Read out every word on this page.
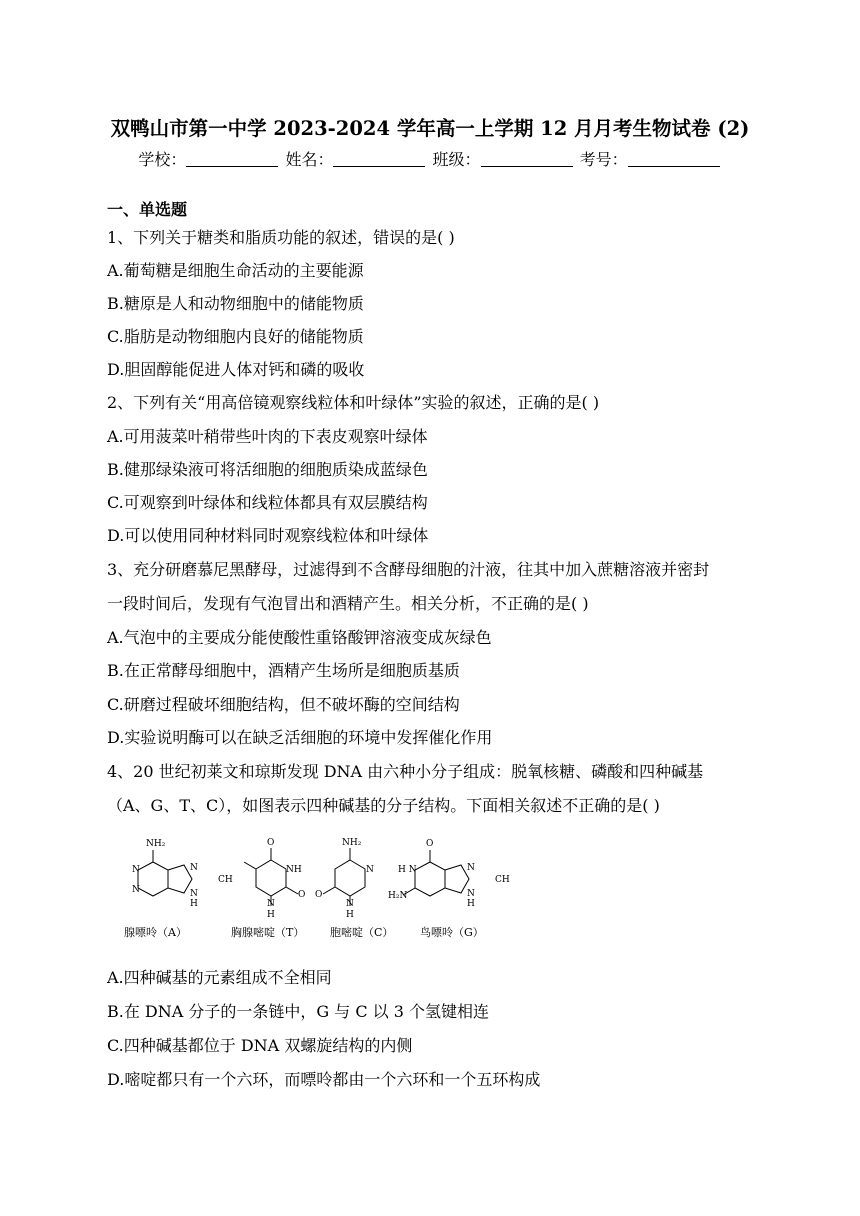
双鸭山市第一中学 2023-2024 学年高一上学期 12 月月考生物试卷 (2)
学校：	姓名：	班级：	考号：
一、单选题
1、下列关于糖类和脂质功能的叙述，错误的是( )
A.葡萄糖是细胞生命活动的主要能源
B.糖原是人和动物细胞中的储能物质
C.脂肪是动物细胞内良好的储能物质
D.胆固醇能促进人体对钙和磷的吸收
2、下列有关“用高倍镜观察线粒体和叶绿体”实验的叙述，正确的是( )
A.可用菠菜叶稍带些叶肉的下表皮观察叶绿体
B.健那绿染液可将活细胞的细胞质染成蓝绿色
C.可观察到叶绿体和线粒体都具有双层膜结构
D.可以使用同种材料同时观察线粒体和叶绿体
3、充分研磨慕尼黑酵母，过滤得到不含酵母细胞的汁液，往其中加入蔗糖溶液并密封
一段时间后，发现有气泡冒出和酒精产生。相关分析，不正确的是( )
A.气泡中的主要成分能使酸性重铬酸钾溶液变成灰绿色
B.在正常酵母细胞中，酒精产生场所是细胞质基质
C.研磨过程破坏细胞结构，但不破坏酶的空间结构
D.实验说明酶可以在缺乏活细胞的环境中发挥催化作用
4、20 世纪初莱文和琼斯发现 DNA 由六种小分子组成：脱氧核糖、磷酸和四种碱基
（A、G、T、C），如图表示四种碱基的分子结构。下面相关叙述不正确的是( )
NH₂
N
N
N
N
H
CH
O
NH
O
N
H
NH₂
N
O
N
H
O
H N
H₂N
N
N
H
CH
腺嘌呤（A）	胸腺嘧啶（T） 胞嘧啶（C） 鸟嘌呤（G）
A.四种碱基的元素组成不全相同
B.在 DNA 分子的一条链中，G 与 C 以 3 个氢键相连
C.四种碱基都位于 DNA 双螺旋结构的内侧
D.嘧啶都只有一个六环，而嘌呤都由一个六环和一个五环构成
